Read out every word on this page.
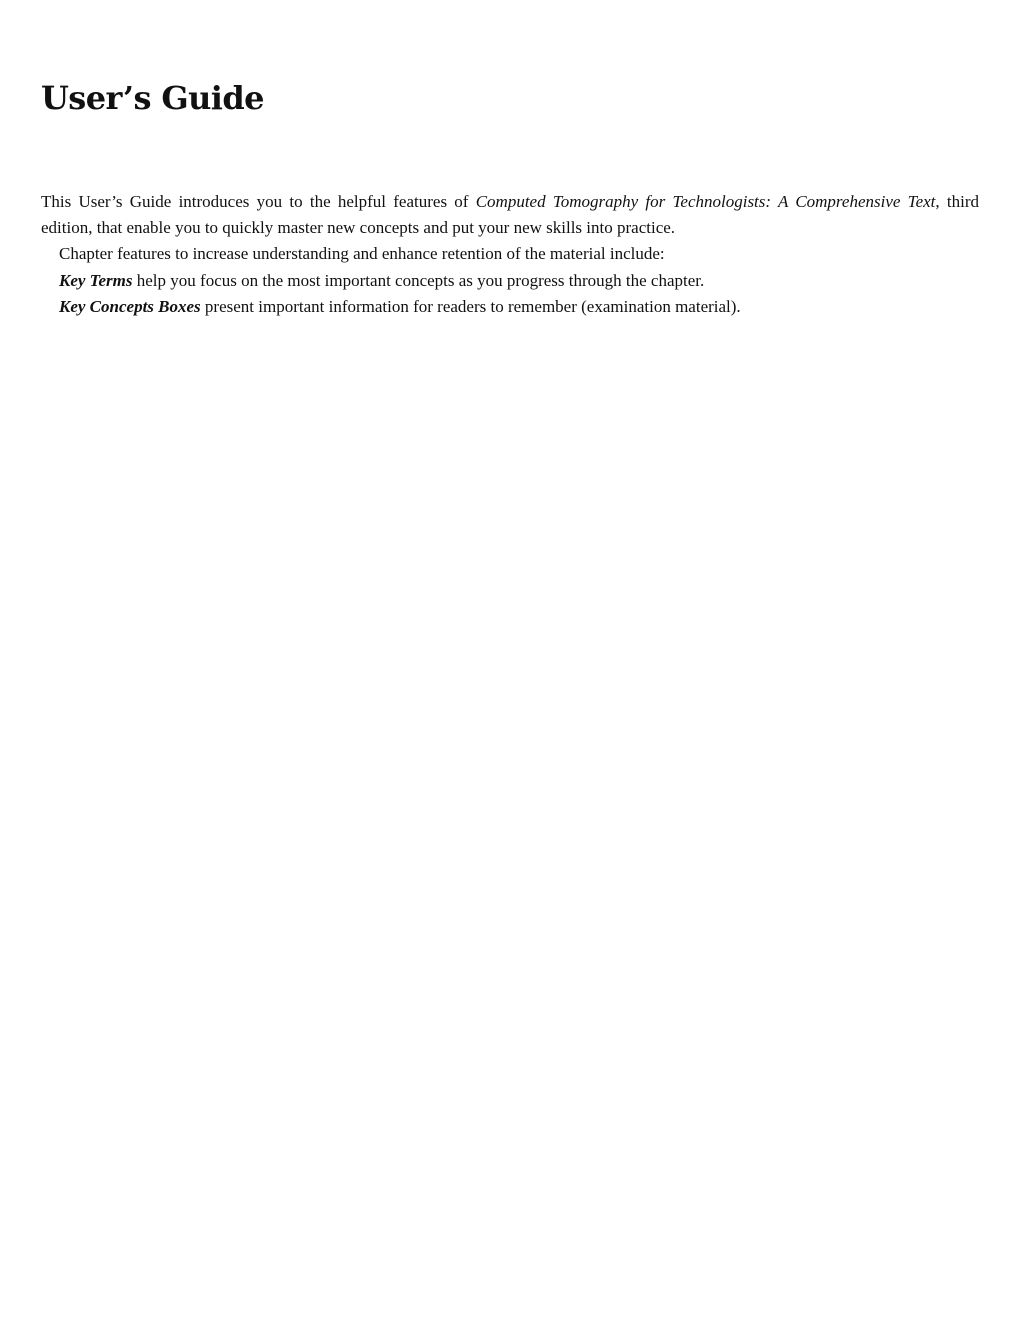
User’s Guide

This User’s Guide introduces you to the helpful features of Computed Tomography for Technologists: A Comprehensive Text, third edition, that enable you to quickly master new concepts and put your new skills into practice.

Chapter features to increase understanding and enhance retention of the material include:

Key Terms help you focus on the most important concepts as you progress through the chapter.

Key Concepts Boxes present important information for readers to remember (examination material).
